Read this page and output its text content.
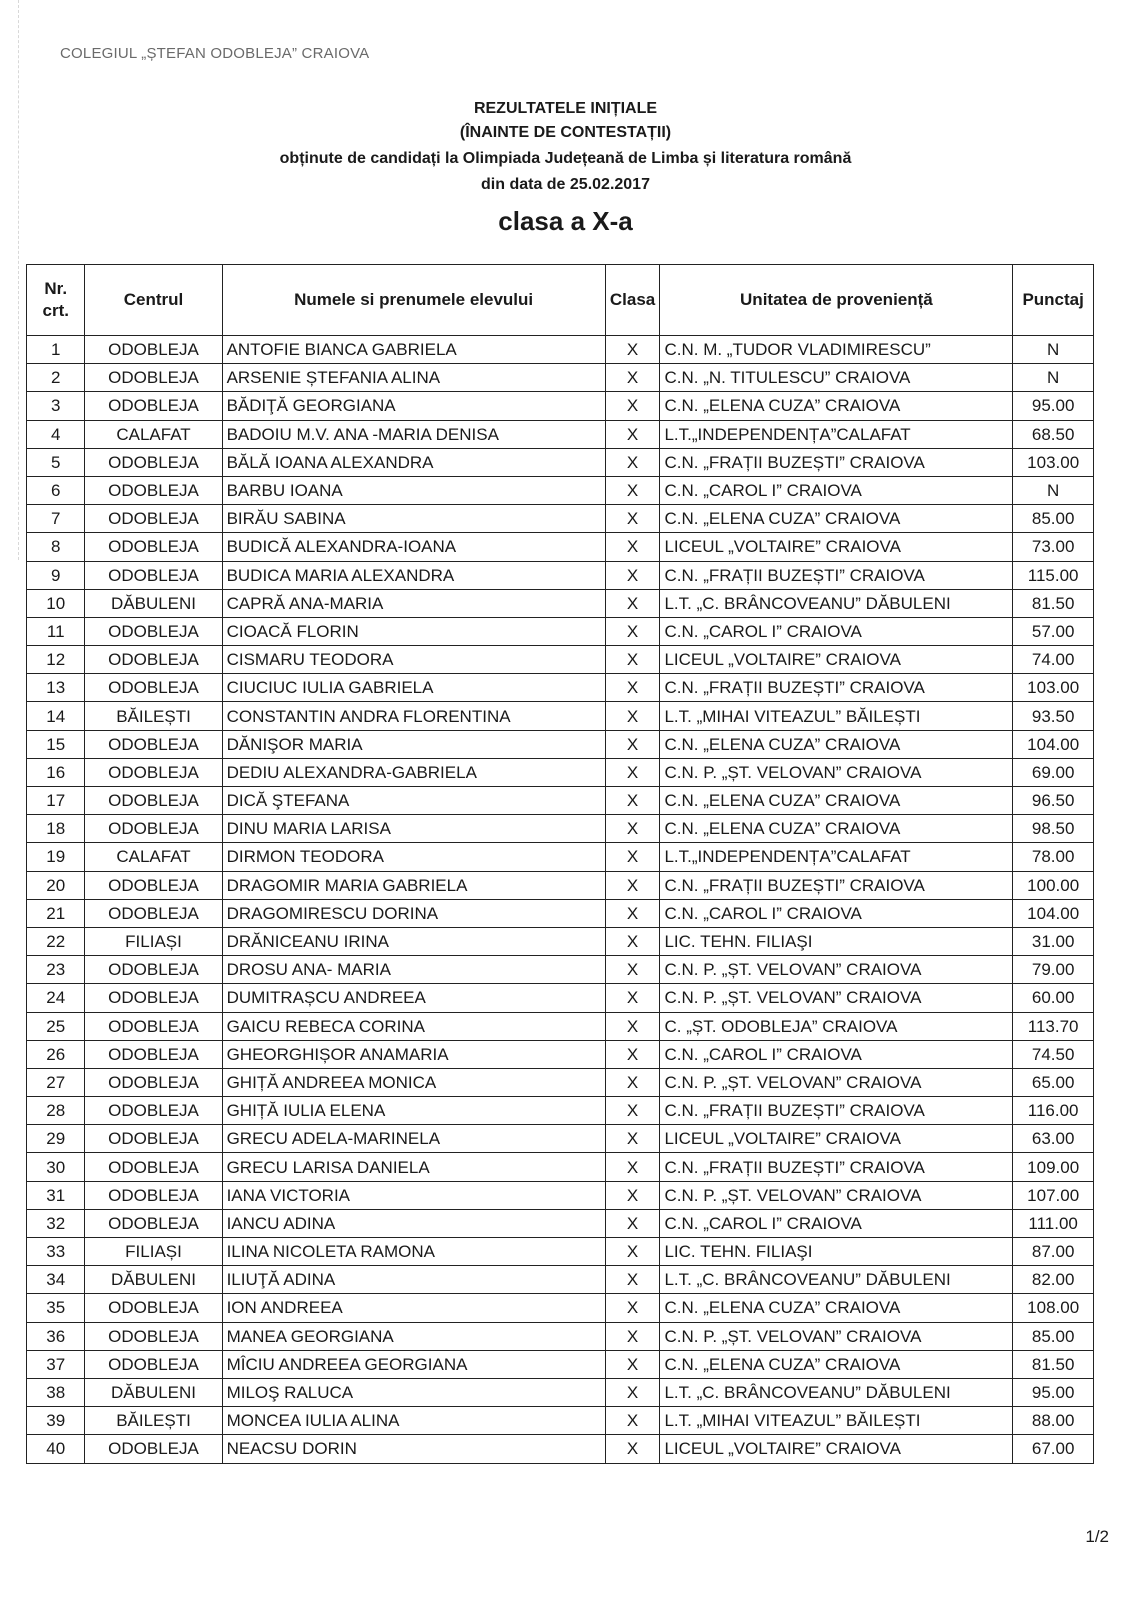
COLEGIUL „ȘTEFAN ODOBLEJA” CRAIOVA
REZULTATELE INIȚIALE
(ÎNAINTE DE CONTESTAȚII)
obținute de candidați la Olimpiada Județeană de Limba și literatura română
din data de 25.02.2017
clasa a X-a
Nr.
crt.	Centrul	Numele si prenumele elevului	Clasa	Unitatea de proveniență	Punctaj
1	ODOBLEJA	ANTOFIE BIANCA GABRIELA	X	C.N. M. „TUDOR VLADIMIRESCU”	N
2	ODOBLEJA	ARSENIE ȘTEFANIA ALINA	X	C.N. „N. TITULESCU” CRAIOVA	N
3	ODOBLEJA	BĂDIŢĂ GEORGIANA	X	C.N. „ELENA CUZA” CRAIOVA	95.00
4	CALAFAT	BADOIU M.V. ANA -MARIA DENISA	X	L.T.„INDEPENDENȚA”CALAFAT	68.50
5	ODOBLEJA	BĂLĂ IOANA ALEXANDRA	X	C.N. „FRAȚII BUZEȘTI” CRAIOVA	103.00
6	ODOBLEJA	BARBU IOANA	X	C.N. „CAROL I” CRAIOVA	N
7	ODOBLEJA	BIRĂU SABINA	X	C.N. „ELENA CUZA” CRAIOVA	85.00
8	ODOBLEJA	BUDICĂ ALEXANDRA-IOANA	X	LICEUL „VOLTAIRE” CRAIOVA	73.00
9	ODOBLEJA	BUDICA MARIA ALEXANDRA	X	C.N. „FRAȚII BUZEȘTI” CRAIOVA	115.00
10	DĂBULENI	CAPRĂ ANA-MARIA	X	L.T. „C. BRÂNCOVEANU” DĂBULENI	81.50
11	ODOBLEJA	CIOACĂ FLORIN	X	C.N. „CAROL I” CRAIOVA	57.00
12	ODOBLEJA	CISMARU TEODORA	X	LICEUL „VOLTAIRE” CRAIOVA	74.00
13	ODOBLEJA	CIUCIUC IULIA GABRIELA	X	C.N. „FRAȚII BUZEȘTI” CRAIOVA	103.00
14	BĂILEȘTI	CONSTANTIN ANDRA FLORENTINA	X	L.T. „MIHAI VITEAZUL” BĂILEȘTI	93.50
15	ODOBLEJA	DĂNIŞOR MARIA	X	C.N. „ELENA CUZA” CRAIOVA	104.00
16	ODOBLEJA	DEDIU ALEXANDRA-GABRIELA	X	C.N. P. „ȘT. VELOVAN” CRAIOVA	69.00
17	ODOBLEJA	DICĂ ŞTEFANA	X	C.N. „ELENA CUZA” CRAIOVA	96.50
18	ODOBLEJA	DINU MARIA LARISA	X	C.N. „ELENA CUZA” CRAIOVA	98.50
19	CALAFAT	DIRMON TEODORA	X	L.T.„INDEPENDENȚA”CALAFAT	78.00
20	ODOBLEJA	DRAGOMIR MARIA GABRIELA	X	C.N. „FRAȚII BUZEȘTI” CRAIOVA	100.00
21	ODOBLEJA	DRAGOMIRESCU DORINA	X	C.N. „CAROL I” CRAIOVA	104.00
22	FILIAȘI	DRĂNICEANU IRINA	X	LIC. TEHN. FILIAŞI	31.00
23	ODOBLEJA	DROSU ANA- MARIA	X	C.N. P. „ȘT. VELOVAN” CRAIOVA	79.00
24	ODOBLEJA	DUMITRAȘCU ANDREEA	X	C.N. P. „ȘT. VELOVAN” CRAIOVA	60.00
25	ODOBLEJA	GAICU REBECA CORINA	X	C. „ȘT. ODOBLEJA” CRAIOVA	113.70
26	ODOBLEJA	GHEORGHIȘOR ANAMARIA	X	C.N. „CAROL I” CRAIOVA	74.50
27	ODOBLEJA	GHIȚĂ ANDREEA MONICA	X	C.N. P. „ȘT. VELOVAN” CRAIOVA	65.00
28	ODOBLEJA	GHIȚĂ IULIA ELENA	X	C.N. „FRAȚII BUZEȘTI” CRAIOVA	116.00
29	ODOBLEJA	GRECU ADELA-MARINELA	X	LICEUL „VOLTAIRE” CRAIOVA	63.00
30	ODOBLEJA	GRECU LARISA DANIELA	X	C.N. „FRAȚII BUZEȘTI” CRAIOVA	109.00
31	ODOBLEJA	IANA VICTORIA	X	C.N. P. „ȘT. VELOVAN” CRAIOVA	107.00
32	ODOBLEJA	IANCU ADINA	X	C.N. „CAROL I” CRAIOVA	111.00
33	FILIAȘI	ILINA NICOLETA RAMONA	X	LIC. TEHN. FILIAŞI	87.00
34	DĂBULENI	ILIUŢĂ ADINA	X	L.T. „C. BRÂNCOVEANU” DĂBULENI	82.00
35	ODOBLEJA	ION ANDREEA	X	C.N. „ELENA CUZA” CRAIOVA	108.00
36	ODOBLEJA	MANEA GEORGIANA	X	C.N. P. „ȘT. VELOVAN” CRAIOVA	85.00
37	ODOBLEJA	MÎCIU ANDREEA GEORGIANA	X	C.N. „ELENA CUZA” CRAIOVA	81.50
38	DĂBULENI	MILOŞ RALUCA	X	L.T. „C. BRÂNCOVEANU” DĂBULENI	95.00
39	BĂILEȘTI	MONCEA IULIA ALINA	X	L.T. „MIHAI VITEAZUL” BĂILEȘTI	88.00
40	ODOBLEJA	NEACSU DORIN	X	LICEUL „VOLTAIRE” CRAIOVA	67.00
1/2
